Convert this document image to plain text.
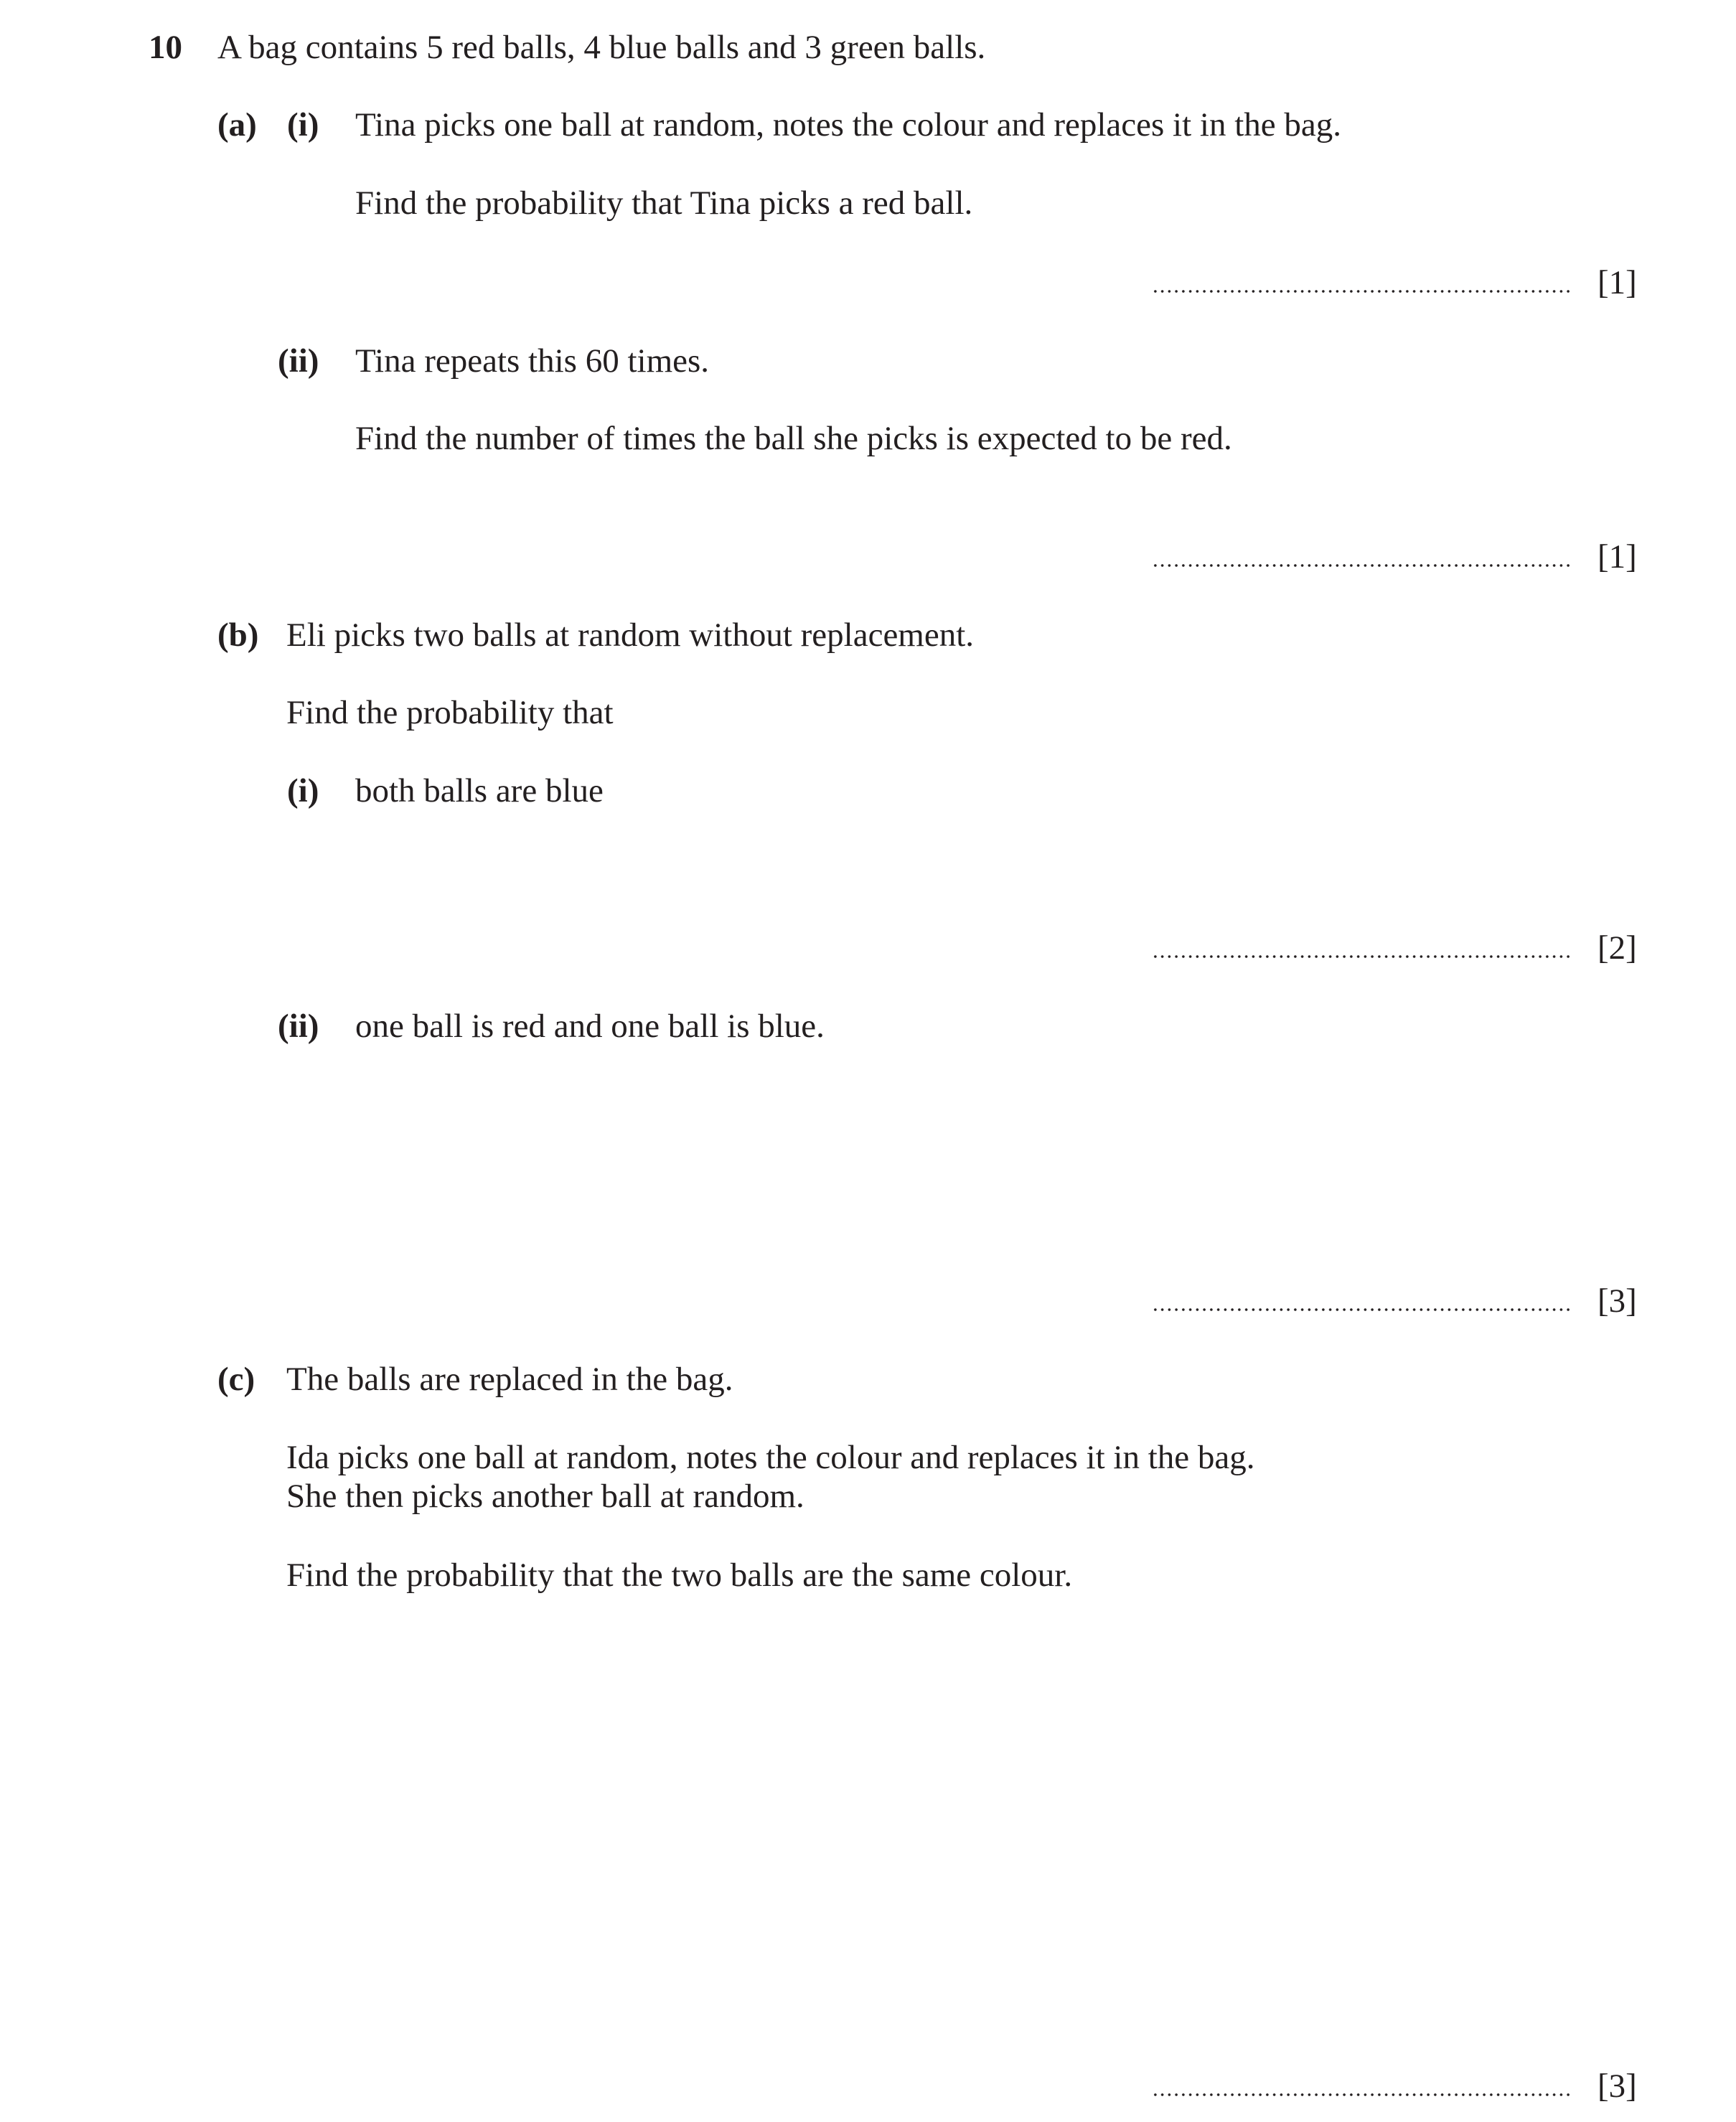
10 A bag contains 5 red balls, 4 blue balls and 3 green balls.
(a) (i) Tina picks one ball at random, notes the colour and replaces it in the bag.
Find the probability that Tina picks a red ball.
[1]
(ii) Tina repeats this 60 times.
Find the number of times the ball she picks is expected to be red.
[1]
(b) Eli picks two balls at random without replacement.
Find the probability that
(i) both balls are blue
[2]
(ii) one ball is red and one ball is blue.
[3]
(c) The balls are replaced in the bag.
Ida picks one ball at random, notes the colour and replaces it in the bag.
She then picks another ball at random.
Find the probability that the two balls are the same colour.
[3]
